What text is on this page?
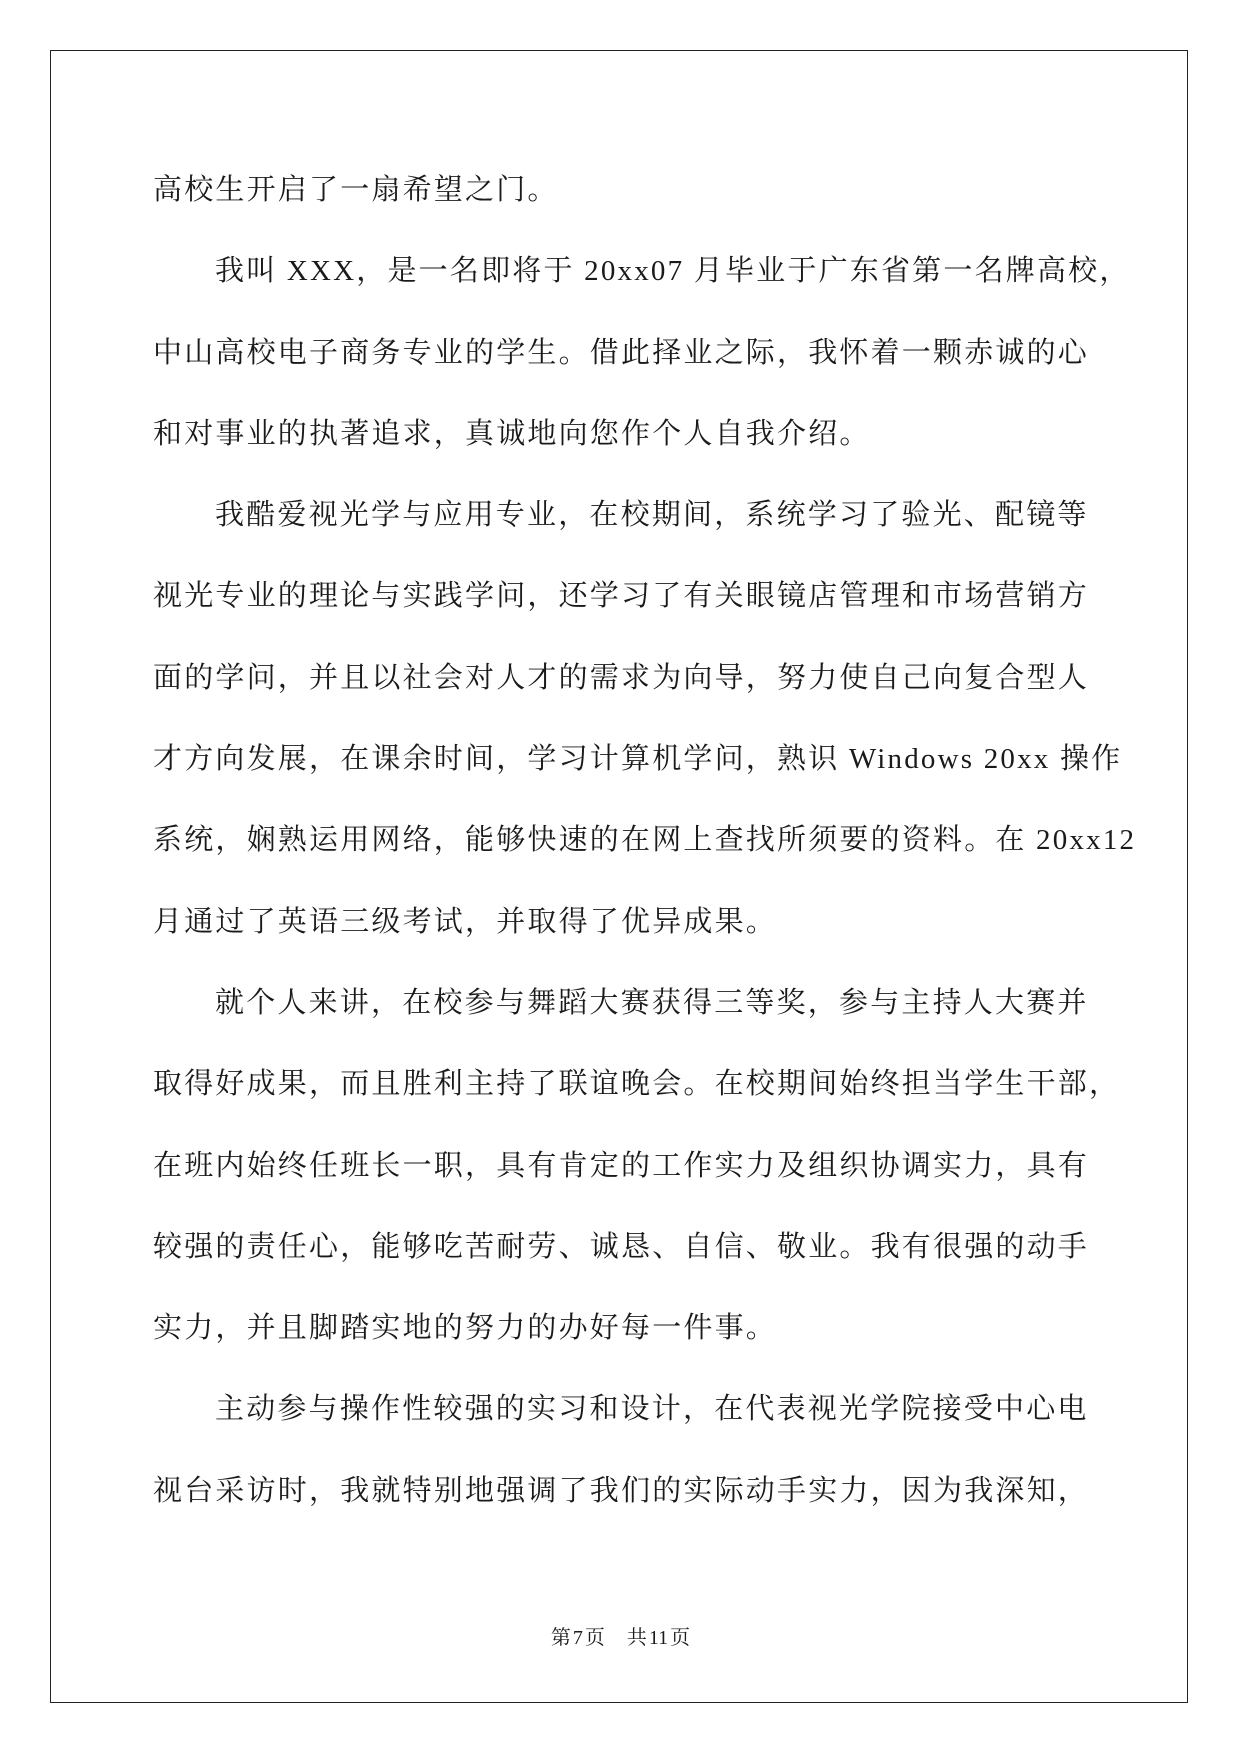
高校生开启了一扇希望之门。
我叫 XXX，是一名即将于 20xx07 月毕业于广东省第一名牌高校，
中山高校电子商务专业的学生。借此择业之际，我怀着一颗赤诚的心
和对事业的执著追求，真诚地向您作个人自我介绍。
我酷爱视光学与应用专业，在校期间，系统学习了验光、配镜等
视光专业的理论与实践学问，还学习了有关眼镜店管理和市场营销方
面的学问，并且以社会对人才的需求为向导，努力使自己向复合型人
才方向发展，在课余时间，学习计算机学问，熟识 Windows 20xx 操作
系统，娴熟运用网络，能够快速的在网上查找所须要的资料。在 20xx12
月通过了英语三级考试，并取得了优异成果。
就个人来讲，在校参与舞蹈大赛获得三等奖，参与主持人大赛并
取得好成果，而且胜利主持了联谊晚会。在校期间始终担当学生干部，
在班内始终任班长一职，具有肯定的工作实力及组织协调实力，具有
较强的责任心，能够吃苦耐劳、诚恳、自信、敬业。我有很强的动手
实力，并且脚踏实地的努力的办好每一件事。
主动参与操作性较强的实习和设计，在代表视光学院接受中心电
视台采访时，我就特别地强调了我们的实际动手实力，因为我深知，
第 7 页 共 11 页
